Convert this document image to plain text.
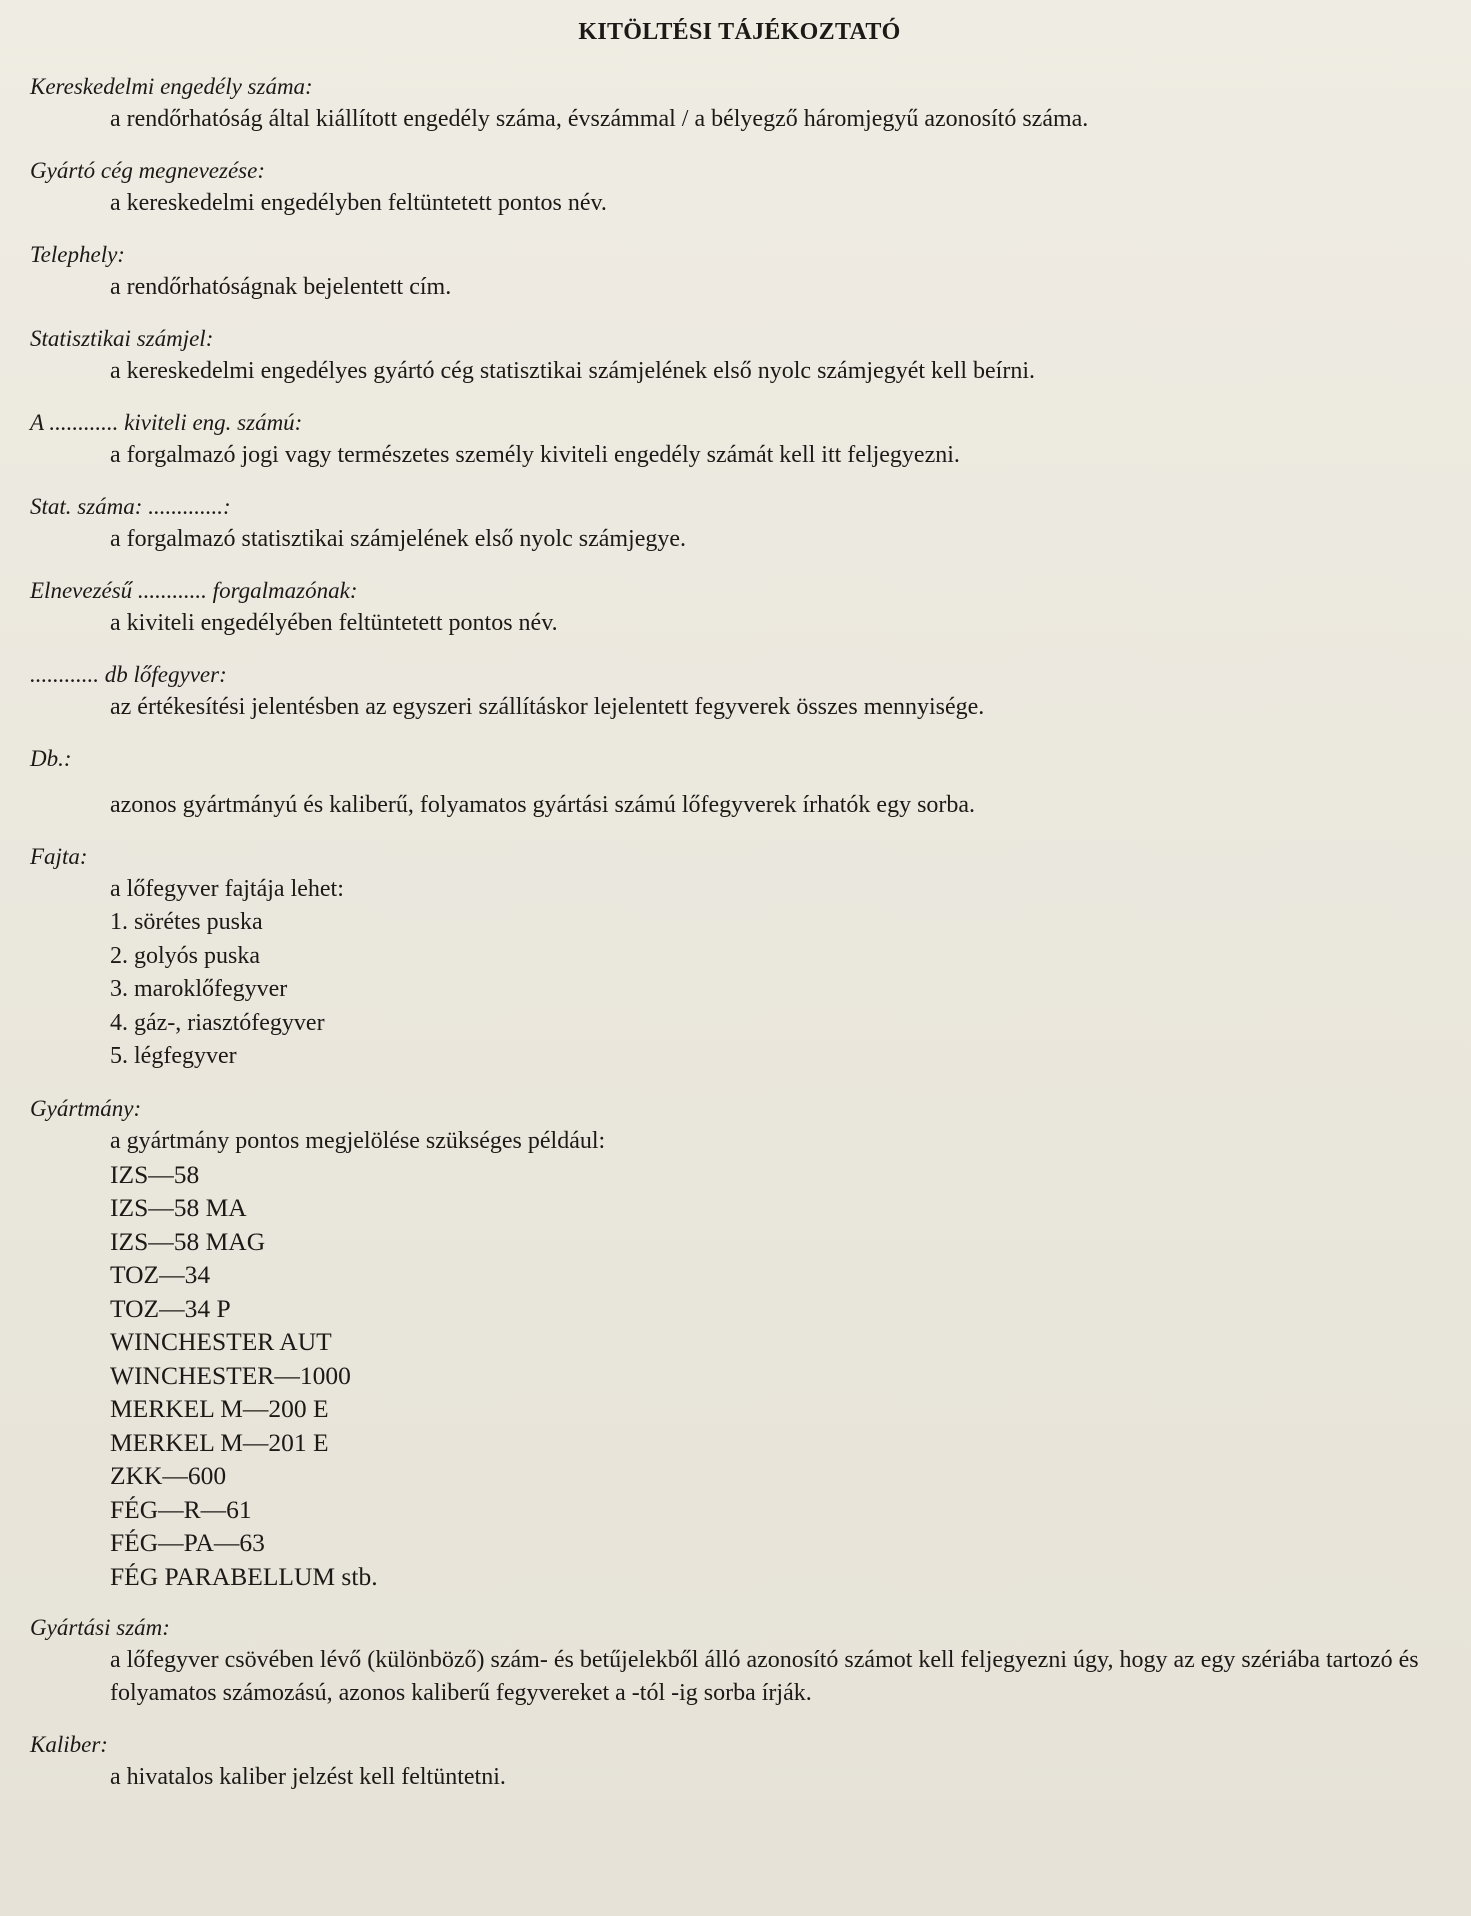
KITÖLTÉSI TÁJÉKOZTATÓ
Kereskedelmi engedély száma:
a rendőrhatóság által kiállított engedély száma, évszámmal / a bélyegző háromjegyű azonosító száma.
Gyártó cég megnevezése:
a kereskedelmi engedélyben feltüntetett pontos név.
Telephely:
a rendőrhatóságnak bejelentett cím.
Statisztikai számjel:
a kereskedelmi engedélyes gyártó cég statisztikai számjelének első nyolc számjegyét kell beírni.
A ............ kiviteli eng. számú:
a forgalmazó jogi vagy természetes személy kiviteli engedély számát kell itt feljegyezni.
Stat. száma: .............:
a forgalmazó statisztikai számjelének első nyolc számjegye.
Elnevezésű ............ forgalmazónak:
a kiviteli engedélyében feltüntetett pontos név.
............ db lőfegyver:
az értékesítési jelentésben az egyszeri szállításkor lejelentett fegyverek összes mennyisége.
Db.:
azonos gyártmányú és kaliberű, folyamatos gyártási számú lőfegyverek írhatók egy sorba.
Fajta:
a lőfegyver fajtája lehet:
1. sörétes puska
2. golyós puska
3. maroklőfegyver
4. gáz-, riasztófegyver
5. légfegyver
Gyártmány:
a gyártmány pontos megjelölése szükséges például:
IZS—58
IZS—58 MA
IZS—58 MAG
TOZ—34
TOZ—34 P
WINCHESTER AUT
WINCHESTER—1000
MERKEL M—200 E
MERKEL M—201 E
ZKK—600
FÉG—R—61
FÉG—PA—63
FÉG PARABELLUM stb.
Gyártási szám:
a lőfegyver csövében lévő (különböző) szám- és betűjelekből álló azonosító számot kell feljegyezni úgy, hogy az egy szériába tartozó és folyamatos számozású, azonos kaliberű fegyvereket a -tól -ig sorba írják.
Kaliber:
a hivatalos kaliber jelzést kell feltüntetni.
